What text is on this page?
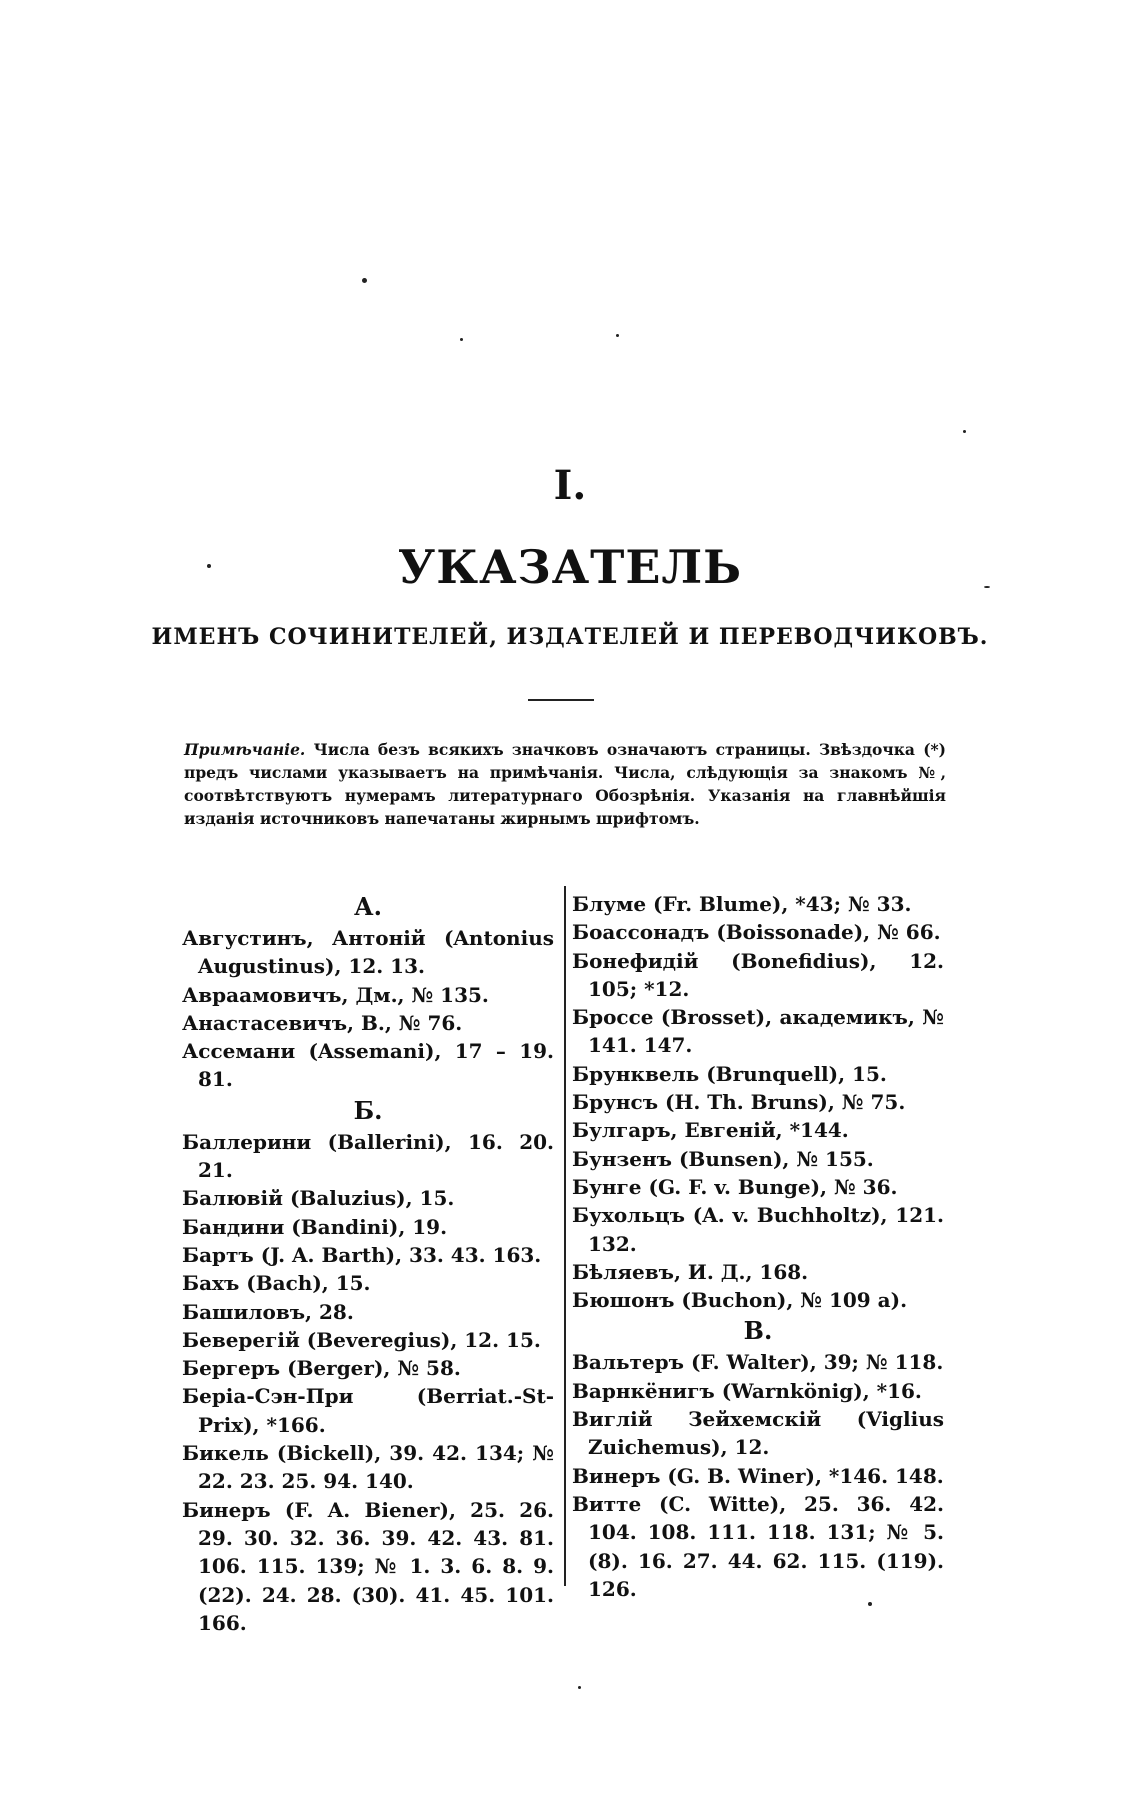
I.
УКАЗАТЕЛЬ
ИМЕНЪ СОЧИНИТЕЛЕЙ, ИЗДАТЕЛЕЙ И ПЕРЕВОДЧИКОВЪ.
Примѣчаніе. Числа безъ всякихъ значковъ означаютъ страницы. Звѣздочка (*) предъ числами указываетъ на примѣчанія. Числа, слѣдующія за знакомъ №, соотвѣтствуютъ нумерамъ литературнаго Обозрѣнія. Указанія на главнѣйшія изданія источниковъ напечатаны жирнымъ шрифтомъ.
А.
Августинъ, Антоній (Antonius Augustinus), 12. 13.
Авраамовичъ, Дм., № 135.
Анастасевичъ, В., № 76.
Ассемани (Assemani), 17 – 19. 81.
Б.
Баллерини (Ballerini), 16. 20. 21.
Балювій (Baluzius), 15.
Бандини (Bandini), 19.
Бартъ (J. A. Barth), 33. 43. 163.
Бахъ (Bach), 15.
Башиловъ, 28.
Беверегій (Beveregius), 12. 15.
Бергеръ (Berger), № 58.
Беріа-Сэн-При (Berriat.-St-Prix), *166.
Бикель (Bickell), 39. 42. 134; № 22. 23. 25. 94. 140.
Бинеръ (F. A. Biener), 25. 26. 29. 30. 32. 36. 39. 42. 43. 81. 106. 115. 139; № 1. 3. 6. 8. 9. (22). 24. 28. (30). 41. 45. 101. 166.
Блуме (Fr. Blume), *43; № 33.
Боассонадъ (Boissonade), № 66.
Бонефидій (Bonefidius), 12. 105; *12.
Броссе (Brosset), академикъ, № 141. 147.
Брунквель (Brunquell), 15.
Брунсъ (H. Th. Bruns), № 75.
Булгаръ, Евгеній, *144.
Бунзенъ (Bunsen), № 155.
Бунге (G. F. v. Bunge), № 36.
Бухольцъ (A. v. Buchholtz), 121. 132.
Бѣляевъ, И. Д., 168.
Бюшонъ (Buchon), № 109 a).
В.
Вальтеръ (F. Walter), 39; № 118.
Варнкёнигъ (Warnkönig), *16.
Виглій Зейхемскій (Viglius Zuichemus), 12.
Винеръ (G. B. Winer), *146. 148.
Витте (C. Witte), 25. 36. 42. 104. 108. 111. 118. 131; № 5. (8). 16. 27. 44. 62. 115. (119). 126.
